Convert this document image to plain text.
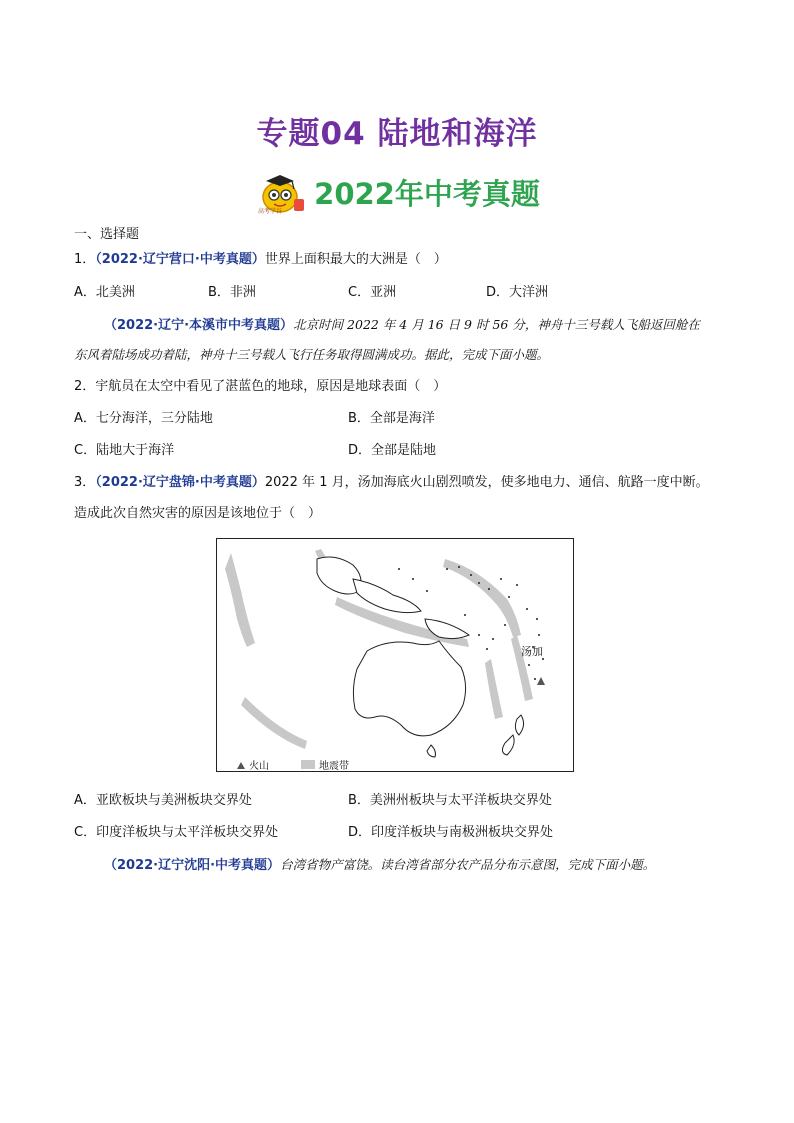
专题04 陆地和海洋
高考学谷
2022年中考真题
一、选择题
1．（2022·辽宁营口·中考真题）世界上面积最大的大洲是（　）
A．北美洲	B．非洲	C．亚洲	D．大洋洲
（2022·辽宁·本溪市中考真题）北京时间 2022 年 4 月 16 日 9 时 56 分，神舟十三号载人飞船返回舱在
东风着陆场成功着陆，神舟十三号载人飞行任务取得圆满成功。据此，完成下面小题。
2．宇航员在太空中看见了湛蓝色的地球，原因是地球表面（　）
A．七分海洋，三分陆地	B．全部是海洋
C．陆地大于海洋	D．全部是陆地
3．（2022·辽宁盘锦·中考真题）2022 年 1 月，汤加海底火山剧烈喷发，使多地电力、通信、航路一度中断。
造成此次自然灾害的原因是该地位于（　）
汤加
火山	地震带
A．亚欧板块与美洲板块交界处	B．美洲州板块与太平洋板块交界处
C．印度洋板块与太平洋板块交界处	D．印度洋板块与南极洲板块交界处
（2022·辽宁沈阳·中考真题）台湾省物产富饶。读台湾省部分农产品分布示意图，完成下面小题。
